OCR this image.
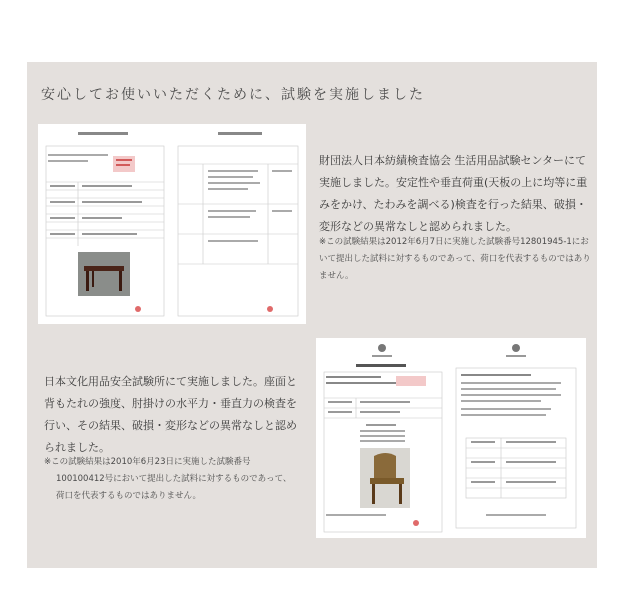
安心してお使いいただくために、試験を実施しました
財団法人日本紡績検査協会 生活用品試験センターにて実施しました。安定性や垂直荷重(天板の上に均等に重みをかけ、たわみを調べる)検査を行った結果、破損・変形などの異常なしと認められました。
※この試験結果は2012年6月7日に実施した試験番号12801945-1において提出した試料に対するものであって、荷口を代表するものではありません。
日本文化用品安全試験所にて実施しました。座面と背もたれの強度、肘掛けの水平力・垂直力の検査を行い、その結果、破損・変形などの異常なしと認められました。

※この試験結果は2010年6月23日に実施した試験番号

100100412号において提出した試料に対するものであって、

荷口を代表するものではありません。
